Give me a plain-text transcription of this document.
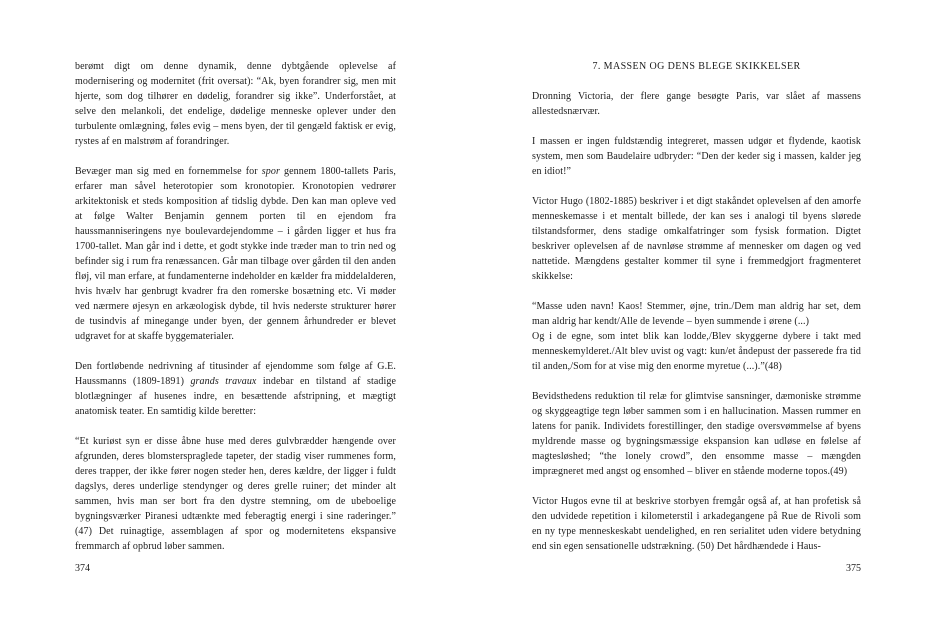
berømt digt om denne dynamik, denne dybtgående oplevelse af modernisering og modernitet (frit oversat): “Ak, byen forandrer sig, men mit hjerte, som dog tilhører en dødelig, forandrer sig ikke”. Underforstået, at selve den melankoli, det endelige, dødelige menneske oplever under den turbulente omlægning, føles evig – mens byen, der til gengæld faktisk er evig, rystes af en malstrøm af forandringer.

Bevæger man sig med en fornemmelse for spor gennem 1800-tallets Paris, erfarer man såvel heterotopier som kronotopier. Kronotopien vedrører arkitektonisk et steds komposition af tidslig dybde. Den kan man opleve ved at følge Walter Benjamin gennem porten til en ejendom fra haussmanniseringens nye boulevardejendomme – i gården ligger et hus fra 1700-tallet. Man går ind i dette, et godt stykke inde træder man to trin ned og befinder sig i rum fra renæssancen. Går man tilbage over gården til den anden fløj, vil man erfare, at fundamenterne indeholder en kælder fra middelalderen, hvis hvælv har genbrugt kvadrer fra den romerske bosætning etc. Vi møder ved nærmere øjesyn en arkæologisk dybde, til hvis nederste strukturer hører de tusindvis af minegange under byen, der gennem århundreder er blevet udgravet for at skaffe byggematerialer.

Den fortløbende nedrivning af titusinder af ejendomme som følge af G.E. Haussmanns (1809-1891) grands travaux indebar en tilstand af stadige blotlægninger af husenes indre, en besættende afstripning, et mægtigt anatomisk teater. En samtidig kilde beretter:

“Et kuriøst syn er disse åbne huse med deres gulvbrædder hængende over afgrunden, deres blomsterspraglede tapeter, der stadig viser rummenes form, deres trapper, der ikke fører nogen steder hen, deres kældre, der ligger i fuldt dagslys, deres underlige stendynger og deres grelle ruiner; det minder alt sammen, hvis man ser bort fra den dystre stemning, om de ubeboelige bygningsværker Piranesi udtænkte med feberagtig energi i sine raderinger.” (47) Det ruinagtige, assemblagen af spor og modernitetens ekspansive fremmarch af opbrud løber sammen.

374
7. MASSEN OG DENS BLEGE SKIKKELSER

Dronning Victoria, der flere gange besøgte Paris, var slået af massens allestedsnærvær.

I massen er ingen fuldstændig integreret, massen udgør et flydende, kaotisk system, men som Baudelaire udbryder: “Den der keder sig i massen, kalder jeg en idiot!”

Victor Hugo (1802-1885) beskriver i et digt stakåndet oplevelsen af den amorfe menneskemasse i et mentalt billede, der kan ses i analogi til byens slørede tilstandsformer, dens stadige omkalfatringer som fysisk formation. Digtet beskriver oplevelsen af de navnløse strømme af mennesker om dagen og ved nattetide. Mængdens gestalter kommer til syne i fremmedgjort fragmenteret skikkelse:

“Masse uden navn! Kaos! Stemmer, øjne, trin./Dem man aldrig har set, dem man aldrig har kendt/Alle de levende – byen summende i ørene (...)
Og i de egne, som intet blik kan lodde,/Blev skyggerne dybere i takt med menneskemylderet./Alt blev uvist og vagt: kun/et åndepust der passerede fra tid til anden,/Som for at vise mig den enorme myretue (...).”(48)

Bevidsthedens reduktion til relæ for glimtvise sansninger, dæmoniske strømme og skyggeagtige tegn løber sammen som i en hallucination. Massen rummer en latens for panik. Individets forestillinger, den stadige oversvømmelse af byens myldrende masse og bygningsmæssige ekspansion kan udløse en følelse af magtesløshed; “the lonely crowd”, den ensomme masse – mængden imprægneret med angst og ensomhed – bliver en stående moderne topos.(49)

Victor Hugos evne til at beskrive storbyen fremgår også af, at han profetisk så den udvidede repetition i kilometerstil i arkadegangene på Rue de Rivoli som en ny type menneskeskabt uendelighed, en ren serialitet uden videre betydning end sin egen sensationelle udstrækning. (50) Det hårdhændede i Haus-

375
